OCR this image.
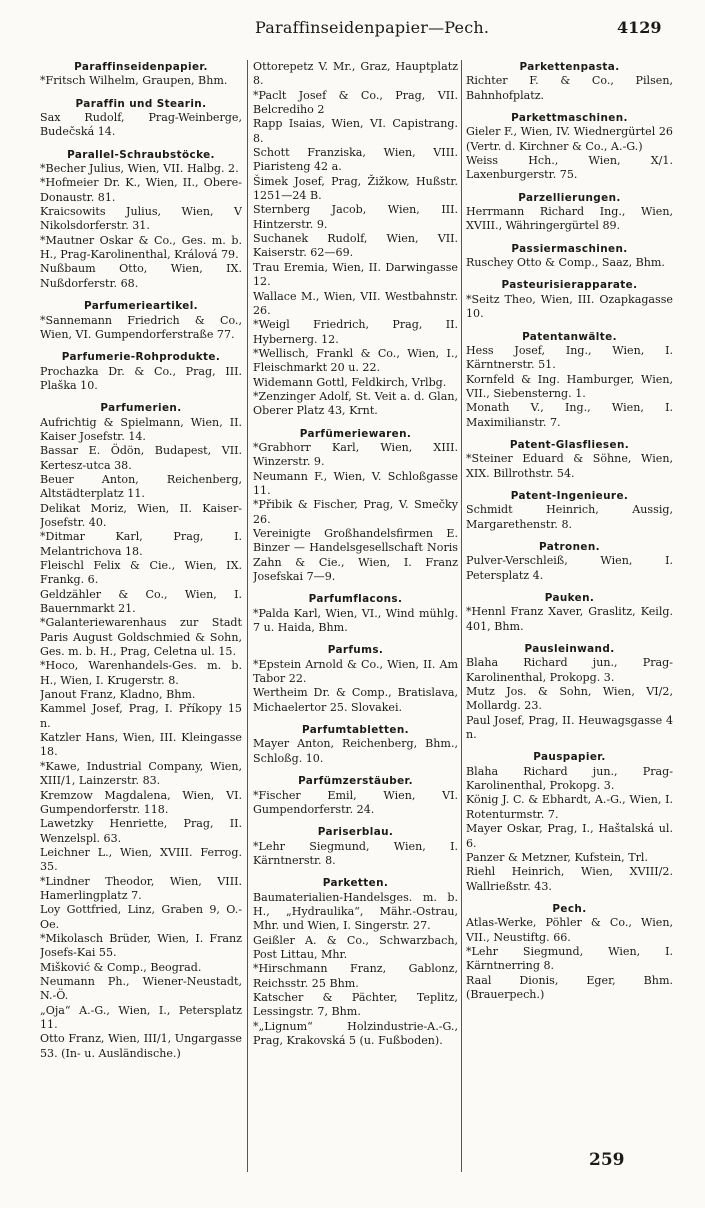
Paraffinseidenpapier—Pech.	4129
Paraffinseidenpapier.
*Fritsch Wilhelm, Graupen, Bhm.
Paraffin und Stearin.
Sax Rudolf, Prag-Weinberge, Budečská 14.
Parallel-Schraubstöcke.
*Becher Julius, Wien, VII. Halbg. 2.
*Hofmeier Dr. K., Wien, II., Obere-Donaustr. 81.
Kraicsowits Julius, Wien, V Nikolsdorferstr. 31.
*Mautner Oskar & Co., Ges. m. b. H., Prag-Karolinenthal, Králová 79.
Nußbaum Otto, Wien, IX. Nußdorferstr. 68.
Parfumerieartikel.
*Sannemann Friedrich & Co., Wien, VI. Gumpendorferstraße 77.
Parfumerie-Rohprodukte.
Prochazka Dr. & Co., Prag, III. Plaška 10.
Parfumerien.
Aufrichtig & Spielmann, Wien, II. Kaiser Josefstr. 14.
Bassar E. Ödön, Budapest, VII. Kertesz-utca 38.
Beuer Anton, Reichenberg, Altstädterplatz 11.
Delikat Moriz, Wien, II. Kaiser-Josefstr. 40.
*Ditmar Karl, Prag, I. Melantrichova 18.
Fleischl Felix & Cie., Wien, IX. Frankg. 6.
Geldzähler & Co., Wien, I. Bauernmarkt 21.
*Galanteriewarenhaus zur Stadt Paris August Goldschmied & Sohn, Ges. m. b. H., Prag, Celetna ul. 15.
*Hoco, Warenhandels-Ges. m. b. H., Wien, I. Krugerstr. 8.
Janout Franz, Kladno, Bhm.
Kammel Josef, Prag, I. Příkopy 15 n.
Katzler Hans, Wien, III. Kleingasse 18.
*Kawe, Industrial Company, Wien, XIII/1, Lainzerstr. 83.
Kremzow Magdalena, Wien, VI. Gumpendorferstr. 118.
Lawetzky Henriette, Prag, II. Wenzelspl. 63.
Leichner L., Wien, XVIII. Ferrog. 35.
*Lindner Theodor, Wien, VIII. Hamerlingplatz 7.
Loy Gottfried, Linz, Graben 9, O.-Oe.
*Mikolasch Brüder, Wien, I. Franz Josefs-Kai 55.
Mišković & Comp., Beograd.
Neumann Ph., Wiener-Neustadt, N.-Ö.
„Oja“ A.-G., Wien, I., Petersplatz 11.
Otto Franz, Wien, III/1, Ungargasse 53. (In- u. Ausländische.)
Ottorepetz V. Mr., Graz, Hauptplatz 8.
*Paclt Josef & Co., Prag, VII. Belcrediho 2
Rapp Isaias, Wien, VI. Capistrang. 8.
Schott Franziska, Wien, VIII. Piaristeng 42 a.
Šimek Josef, Prag, Žižkow, Hußstr. 1251—24 B.
Sternberg Jacob, Wien, III. Hintzerstr. 9.
Suchanek Rudolf, Wien, VII. Kaiserstr. 62—69.
Trau Eremia, Wien, II. Darwingasse 12.
Wallace M., Wien, VII. Westbahnstr. 26.
*Weigl Friedrich, Prag, II. Hybernerg. 12.
*Wellisch, Frankl & Co., Wien, I., Fleischmarkt 20 u. 22.
Widemann Gottl, Feldkirch, Vrlbg.
*Zenzinger Adolf, St. Veit a. d. Glan, Oberer Platz 43, Krnt.
Parfümeriewaren.
*Grabhorr Karl, Wien, XIII. Winzerstr. 9.
Neumann F., Wien, V. Schloßgasse 11.
*Přibik & Fischer, Prag, V. Smečky 26.
Vereinigte Großhandelsfirmen E. Binzer — Handelsgesellschaft Noris Zahn & Cie., Wien, I. Franz Josefskai 7—9.
Parfumflacons.
*Palda Karl, Wien, VI., Wind mühlg. 7 u. Haida, Bhm.
Parfums.
*Epstein Arnold & Co., Wien, II. Am Tabor 22.
Wertheim Dr. & Comp., Bratislava, Michaelertor 25. Slovakei.
Parfumtabletten.
Mayer Anton, Reichenberg, Bhm., Schloßg. 10.
Parfümzerstäuber.
*Fischer Emil, Wien, VI. Gumpendorferstr. 24.
Pariserblau.
*Lehr Siegmund, Wien, I. Kärntnerstr. 8.
Parketten.
Baumaterialien-Handelsges. m. b. H., „Hydraulika“, Mähr.-Ostrau, Mhr. und Wien, I. Singerstr. 27.
Geißler A. & Co., Schwarzbach, Post Littau, Mhr.
*Hirschmann Franz, Gablonz, Reichsstr. 25 Bhm.
Katscher & Pächter, Teplitz, Lessingstr. 7, Bhm.
*„Lignum“ Holzindustrie-A.-G., Prag, Krakovská 5 (u. Fußboden).
Parkettenpasta.
Richter F. & Co., Pilsen, Bahnhofplatz.
Parkettmaschinen.
Gieler F., Wien, IV. Wiednergürtel 26 (Vertr. d. Kirchner & Co., A.-G.)
Weiss Hch., Wien, X/1. Laxenburgerstr. 75.
Parzellierungen.
Herrmann Richard Ing., Wien, XVIII., Währingergürtel 89.
Passiermaschinen.
Ruschey Otto & Comp., Saaz, Bhm.
Pasteurisierapparate.
*Seitz Theo, Wien, III. Ozapkagasse 10.
Patentanwälte.
Hess Josef, Ing., Wien, I. Kärntnerstr. 51.
Kornfeld & Ing. Hamburger, Wien, VII., Siebensterng. 1.
Monath V., Ing., Wien, I. Maximilianstr. 7.
Patent-Glasfliesen.
*Steiner Eduard & Söhne, Wien, XIX. Billrothstr. 54.
Patent-Ingenieure.
Schmidt Heinrich, Aussig, Margarethenstr. 8.
Patronen.
Pulver-Verschleiß, Wien, I. Petersplatz 4.
Pauken.
*Hennl Franz Xaver, Graslitz, Keilg. 401, Bhm.
Pausleinwand.
Blaha Richard jun., Prag-Karolinenthal, Prokopg. 3.
Mutz Jos. & Sohn, Wien, VI/2, Mollardg. 23.
Paul Josef, Prag, II. Heuwagsgasse 4 n.
Pauspapier.
Blaha Richard jun., Prag-Karolinenthal, Prokopg. 3.
König J. C. & Ebhardt, A.-G., Wien, I. Rotenturmstr. 7.
Mayer Oskar, Prag, I., Haštalská ul. 6.
Panzer & Metzner, Kufstein, Trl.
Riehl Heinrich, Wien, XVIII/2. Wallrießstr. 43.
Pech.
Atlas-Werke, Pöhler & Co., Wien, VII., Neustiftg. 66.
*Lehr Siegmund, Wien, I. Kärntnerring 8.
Raal Dionis, Eger, Bhm. (Brauerpech.)
259
